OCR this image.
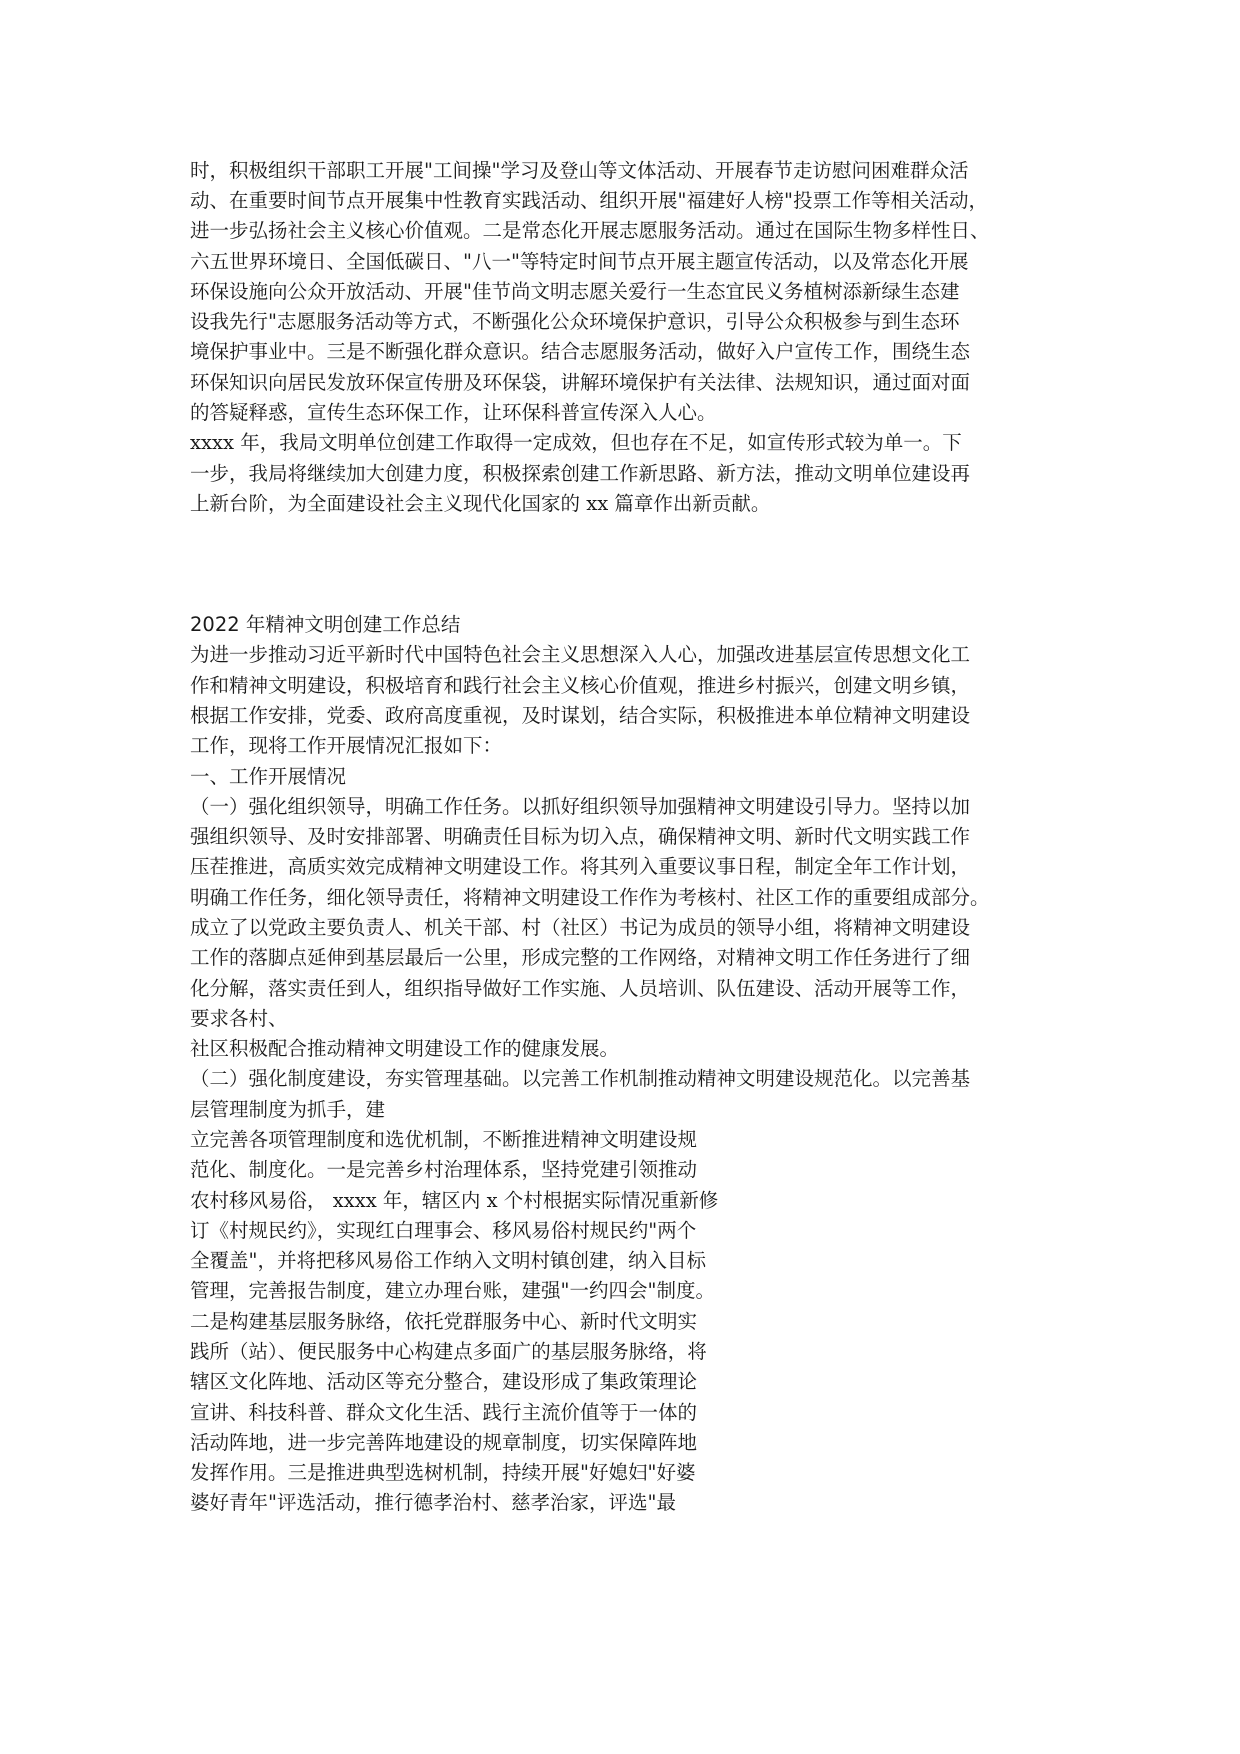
时，积极组织干部职工开展"工间操"学习及登山等文体活动、开展春节走访慰问困难群众活

动、在重要时间节点开展集中性教育实践活动、组织开展"福建好人榜"投票工作等相关活动，

进一步弘扬社会主义核心价值观。二是常态化开展志愿服务活动。通过在国际生物多样性日、

六五世界环境日、全国低碳日、"八一"等特定时间节点开展主题宣传活动，以及常态化开展

环保设施向公众开放活动、开展"佳节尚文明志愿关爱行一生态宜民义务植树添新绿生态建

设我先行"志愿服务活动等方式，不断强化公众环境保护意识，引导公众积极参与到生态环

境保护事业中。三是不断强化群众意识。结合志愿服务活动，做好入户宣传工作，围绕生态

环保知识向居民发放环保宣传册及环保袋，讲解环境保护有关法律、法规知识，通过面对面

的答疑释惑，宣传生态环保工作，让环保科普宣传深入人心。

xxxx 年，我局文明单位创建工作取得一定成效，但也存在不足，如宣传形式较为单一。下

一步，我局将继续加大创建力度，积极探索创建工作新思路、新方法，推动文明单位建设再

上新台阶，为全面建设社会主义现代化国家的 xx 篇章作出新贡献。

2022 年精神文明创建工作总结

为进一步推动习近平新时代中国特色社会主义思想深入人心，加强改进基层宣传思想文化工

作和精神文明建设，积极培育和践行社会主义核心价值观，推进乡村振兴，创建文明乡镇，

根据工作安排，党委、政府高度重视，及时谋划，结合实际，积极推进本单位精神文明建设

工作，现将工作开展情况汇报如下：

一、工作开展情况

（一）强化组织领导，明确工作任务。以抓好组织领导加强精神文明建设引导力。坚持以加

强组织领导、及时安排部署、明确责任目标为切入点，确保精神文明、新时代文明实践工作

压茬推进，高质实效完成精神文明建设工作。将其列入重要议事日程，制定全年工作计划，

明确工作任务，细化领导责任，将精神文明建设工作作为考核村、社区工作的重要组成部分。

成立了以党政主要负责人、机关干部、村（社区）书记为成员的领导小组，将精神文明建设

工作的落脚点延伸到基层最后一公里，形成完整的工作网络，对精神文明工作任务进行了细

化分解，落实责任到人，组织指导做好工作实施、人员培训、队伍建设、活动开展等工作，

要求各村、

社区积极配合推动精神文明建设工作的健康发展。

（二）强化制度建设，夯实管理基础。以完善工作机制推动精神文明建设规范化。以完善基

层管理制度为抓手，建

立完善各项管理制度和选优机制，不断推进精神文明建设规

范化、制度化。一是完善乡村治理体系，坚持党建引领推动

农村移风易俗， xxxx 年，辖区内 x 个村根据实际情况重新修

订《村规民约》，实现红白理事会、移风易俗村规民约"两个

全覆盖"，并将把移风易俗工作纳入文明村镇创建，纳入目标

管理，完善报告制度，建立办理台账，建强"一约四会"制度。

二是构建基层服务脉络，依托党群服务中心、新时代文明实

践所（站）、便民服务中心构建点多面广的基层服务脉络，将

辖区文化阵地、活动区等充分整合，建设形成了集政策理论

宣讲、科技科普、群众文化生活、践行主流价值等于一体的

活动阵地，进一步完善阵地建设的规章制度，切实保障阵地

发挥作用。三是推进典型选树机制，持续开展"好媳妇"好婆

婆好青年"评选活动，推行德孝治村、慈孝治家，评选"最
